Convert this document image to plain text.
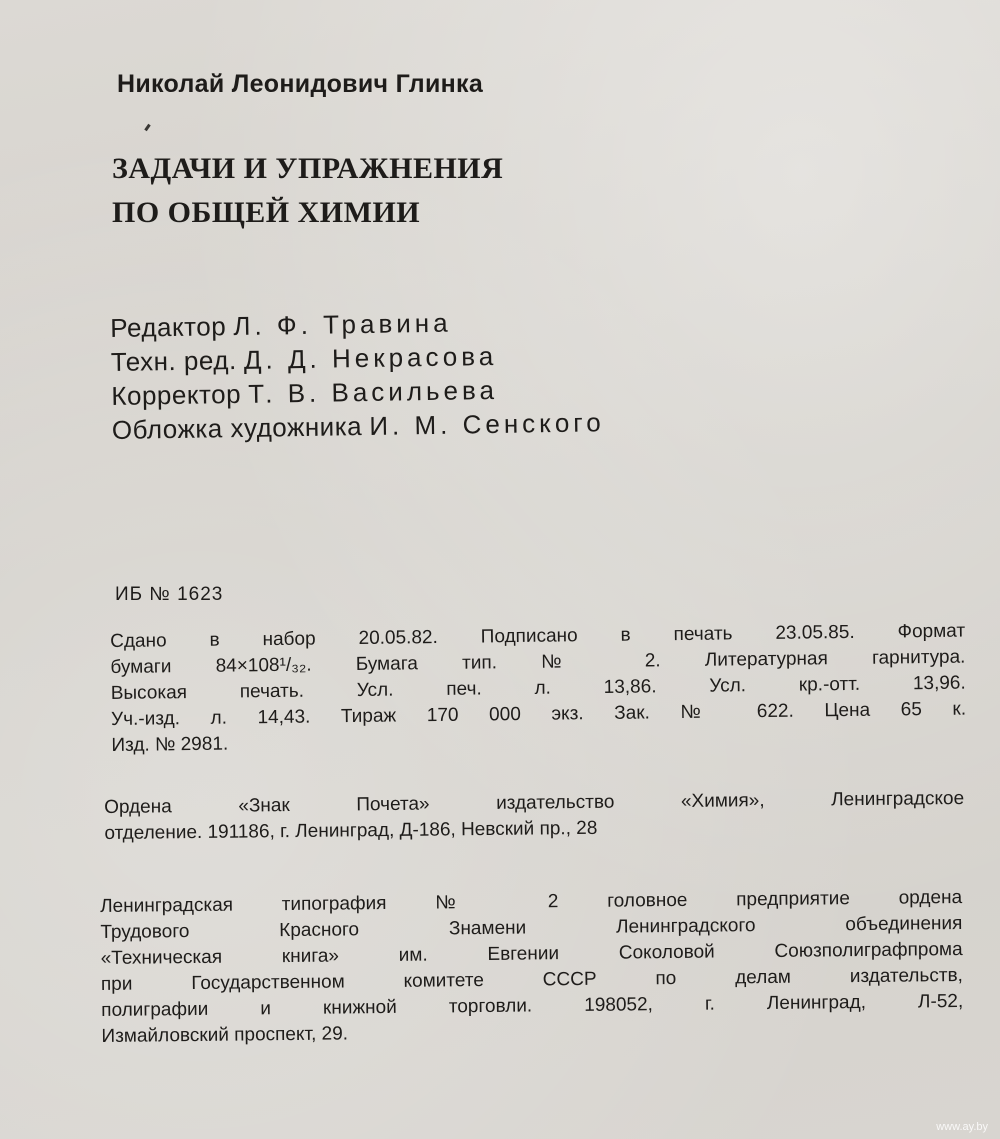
Николай Леонидович Глинка
ЗАДАЧИ И УПРАЖНЕНИЯ
ПО ОБЩЕЙ ХИМИИ
Редактор Л. Ф. Травина
Техн. ред. Д. Д. Некрасова
Корректор Т. В. Васильева
Обложка художника И. М. Сенского
ИБ № 1623
Сдано в набор 20.05.82. Подписано в печать 23.05.85. Формат
бумаги 84×108¹/₃₂. Бумага тип. № 2. Литературная гарнитура.
Высокая печать. Усл. печ. л. 13,86. Усл. кр.-отт. 13,96.
Уч.-изд. л. 14,43. Тираж 170 000 экз. Зак. № 622. Цена 65 к.
Изд. № 2981.
Ордена «Знак Почета» издательство «Химия», Ленинградское
отделение. 191186, г. Ленинград, Д-186, Невский пр., 28
Ленинградская типография № 2 головное предприятие ордена
Трудового Красного Знамени Ленинградского объединения
«Техническая книга» им. Евгении Соколовой Союзполиграфпрома
при Государственном комитете СССР по делам издательств,
полиграфии и книжной торговли. 198052, г. Ленинград, Л-52,
Измайловский проспект, 29.
www.ay.by
